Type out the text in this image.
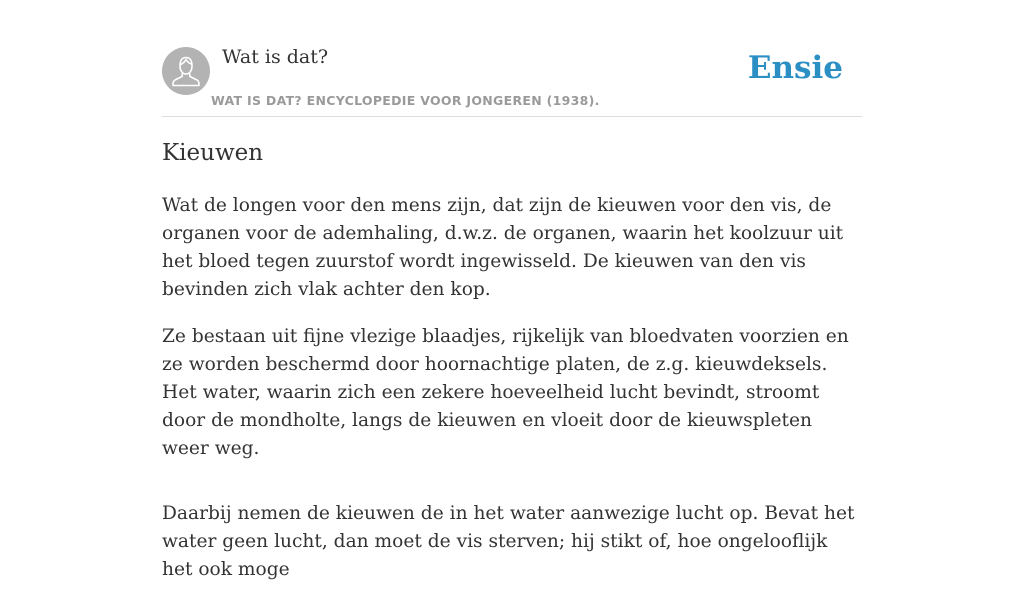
Wat is dat?
WAT IS DAT? ENCYCLOPEDIE VOOR JONGEREN (1938).
Ensie
Kieuwen

Wat de longen voor den mens zijn, dat zijn de kieuwen voor den vis, de organen voor de ademhaling, d.w.z. de organen, waarin het koolzuur uit het bloed tegen zuurstof wordt ingewisseld. De kieuwen van den vis bevinden zich vlak achter den kop.

Ze bestaan uit fijne vlezige blaadjes, rijkelijk van bloedvaten voorzien en ze worden beschermd door hoornachtige platen, de z.g. kieuwdeksels. Het water, waarin zich een zekere hoeveelheid lucht bevindt, stroomt door de mondholte, langs de kieuwen en vloeit door de kieuwspleten weer weg.

Daarbij nemen de kieuwen de in het water aanwezige lucht op. Bevat het water geen lucht, dan moet de vis sterven; hij stikt of, hoe ongelooflijk het ook moge
